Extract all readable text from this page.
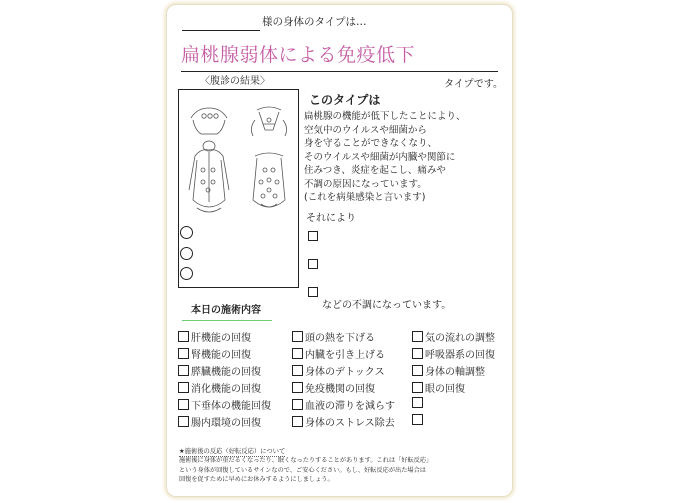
様の身体のタイプは…
扁桃腺弱体による免疫低下
〈腹診の結果〉	タイプです。
このタイプは
扁桃腺の機能が低下したことにより、
空気中のウイルスや細菌から
身を守ることができなくなり、
そのウイルスや細菌が内臓や関節に
住みつき、炎症を起こし、痛みや
不調の原因になっています。
(これを病巣感染と言います)
それにより
などの不調になっています。
本日の施術内容
肝機能の回復
腎機能の回復
膵臓機能の回復
消化機能の回復
下垂体の機能回復
腸内環境の回復
頭の熱を下げる
内臓を引き上げる
身体のデトックス
免疫機関の回復
血液の滞りを減らす
身体のストレス除去
気の流れの調整
呼吸器系の回復
身体の軸調整
眼の回復
★施術後の反応（好転反応）について
施術後に身体が重だるくなったり、眠くなったりすることがあります。これは「好転反応」
という身体が回復しているサインなので、ご安心ください。もし、好転反応が出た場合は
回復を促すために早めにお休みするようにしましょう。
